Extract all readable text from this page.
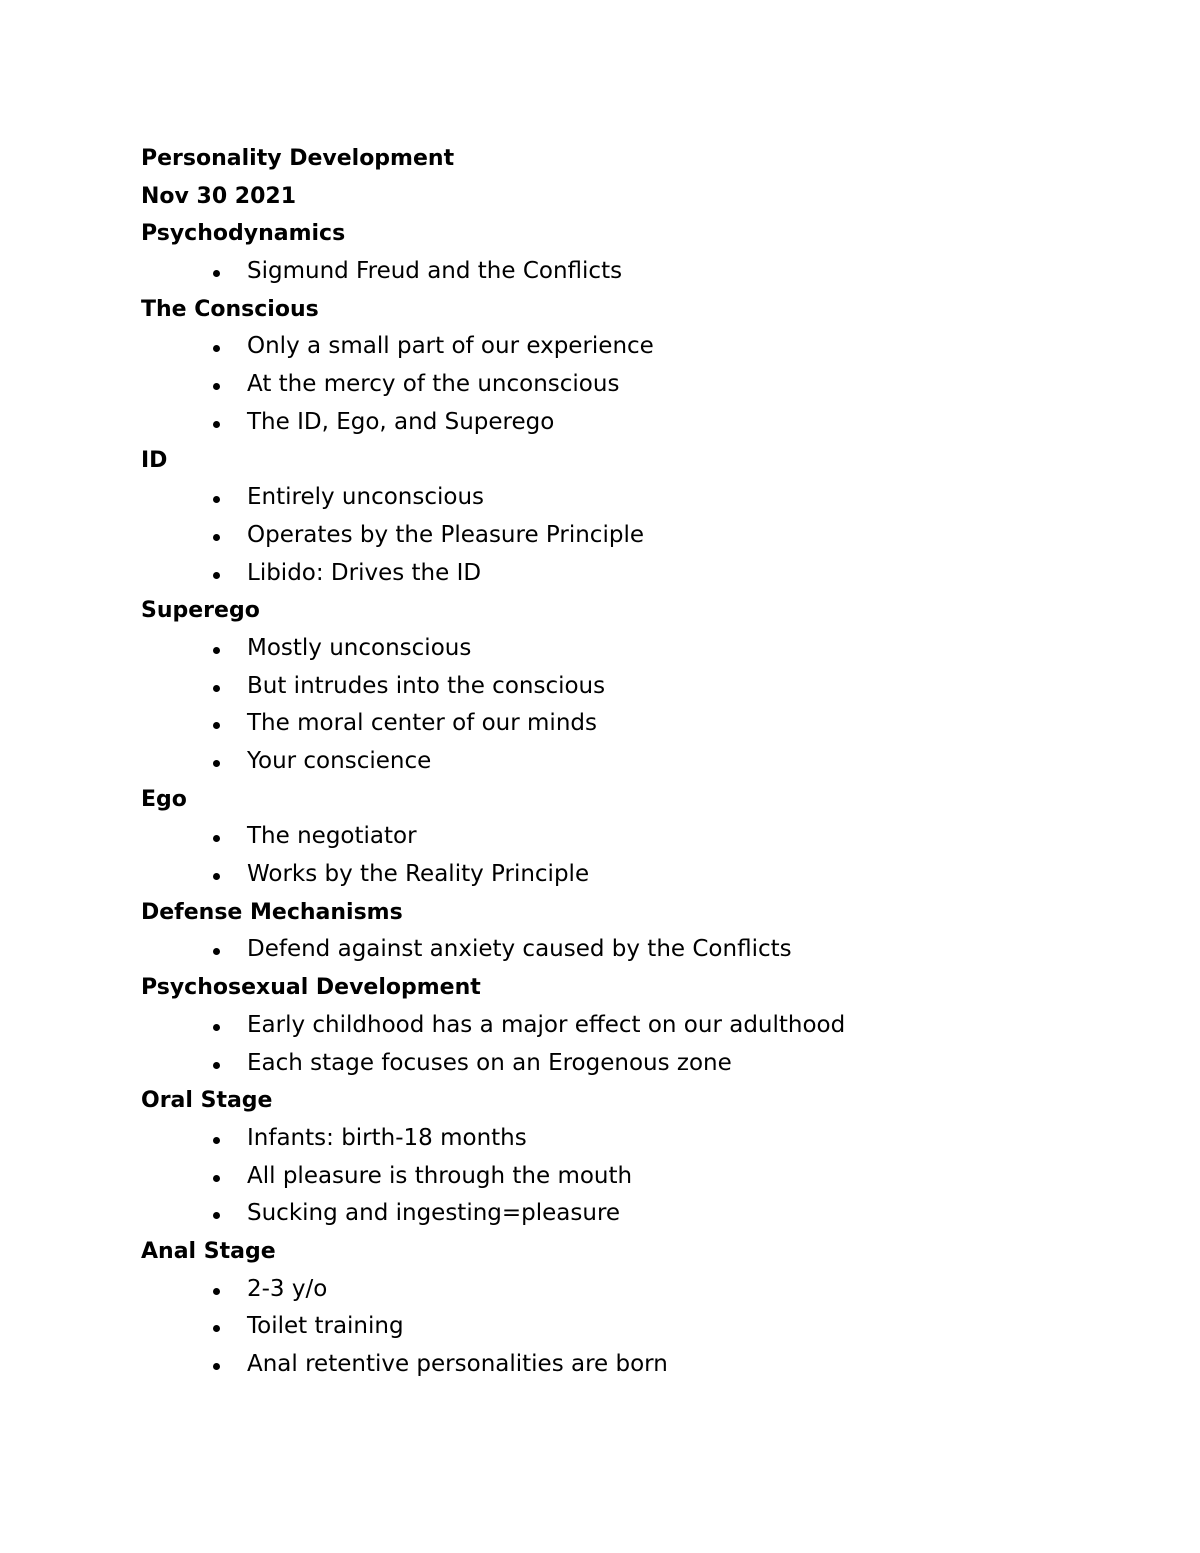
Personality Development
Nov 30 2021
Psychodynamics
Sigmund Freud and the Conflicts
The Conscious
Only a small part of our experience
At the mercy of the unconscious
The ID, Ego, and Superego
ID
Entirely unconscious
Operates by the Pleasure Principle
Libido: Drives the ID
Superego
Mostly unconscious
But intrudes into the conscious
The moral center of our minds
Your conscience
Ego
The negotiator
Works by the Reality Principle
Defense Mechanisms
Defend against anxiety caused by the Conflicts
Psychosexual Development
Early childhood has a major effect on our adulthood
Each stage focuses on an Erogenous zone
Oral Stage
Infants: birth-18 months
All pleasure is through the mouth
Sucking and ingesting=pleasure
Anal Stage
2-3 y/o
Toilet training
Anal retentive personalities are born
